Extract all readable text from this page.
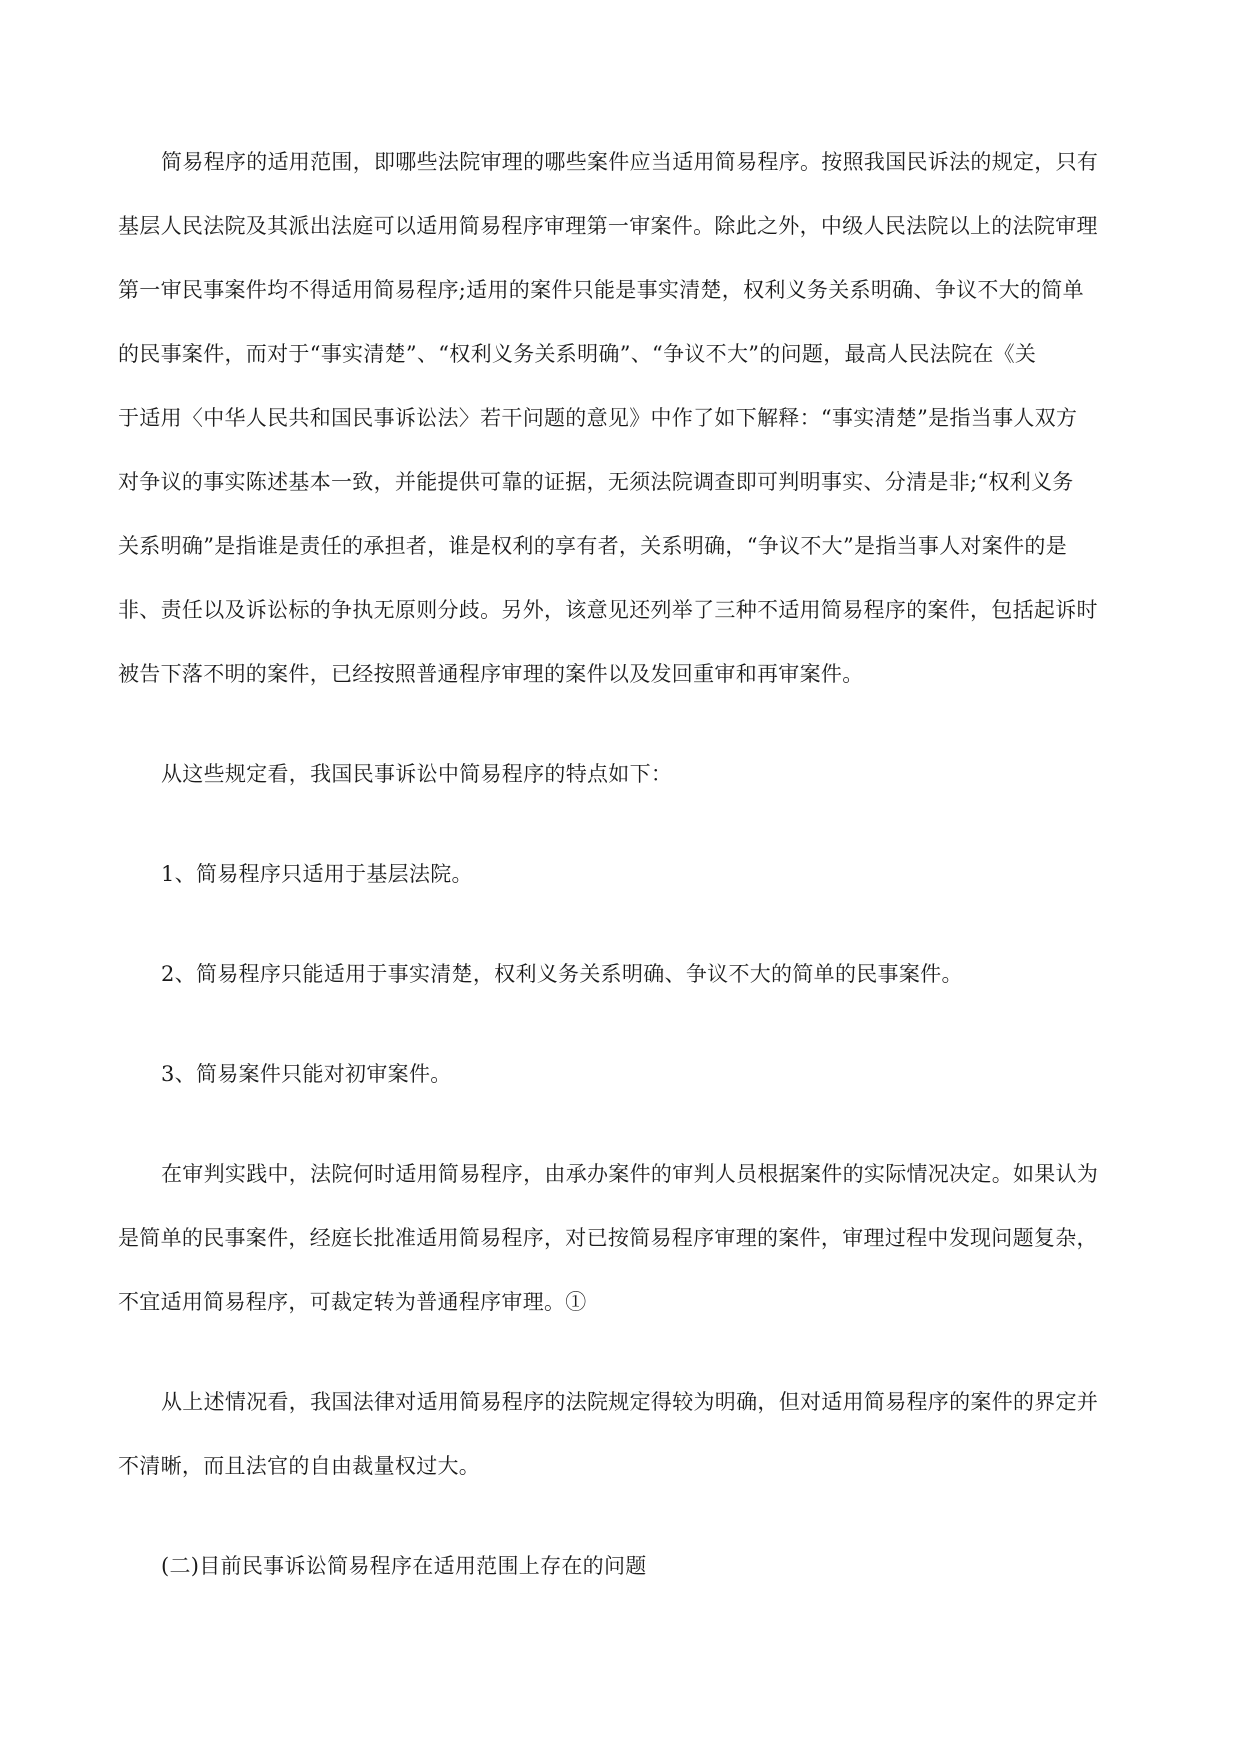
简易程序的适用范围，即哪些法院审理的哪些案件应当适用简易程序。按照我国民诉法的规定，只有
基层人民法院及其派出法庭可以适用简易程序审理第一审案件。除此之外，中级人民法院以上的法院审理
第一审民事案件均不得适用简易程序;适用的案件只能是事实清楚，权利义务关系明确、争议不大的简单
的民事案件，而对于“事实清楚”、“权利义务关系明确”、“争议不大”的问题，最高人民法院在《关
于适用〈中华人民共和国民事诉讼法〉若干问题的意见》中作了如下解释：“事实清楚”是指当事人双方
对争议的事实陈述基本一致，并能提供可靠的证据，无须法院调查即可判明事实、分清是非;“权利义务
关系明确”是指谁是责任的承担者，谁是权利的享有者，关系明确，“争议不大”是指当事人对案件的是
非、责任以及诉讼标的争执无原则分歧。另外，该意见还列举了三种不适用简易程序的案件，包括起诉时
被告下落不明的案件，已经按照普通程序审理的案件以及发回重审和再审案件。
从这些规定看，我国民事诉讼中简易程序的特点如下：
1、简易程序只适用于基层法院。
2、简易程序只能适用于事实清楚，权利义务关系明确、争议不大的简单的民事案件。
3、简易案件只能对初审案件。
在审判实践中，法院何时适用简易程序，由承办案件的审判人员根据案件的实际情况决定。如果认为
是简单的民事案件，经庭长批准适用简易程序，对已按简易程序审理的案件，审理过程中发现问题复杂，
不宜适用简易程序，可裁定转为普通程序审理。①
从上述情况看，我国法律对适用简易程序的法院规定得较为明确，但对适用简易程序的案件的界定并
不清晰，而且法官的自由裁量权过大。
(二)目前民事诉讼简易程序在适用范围上存在的问题
